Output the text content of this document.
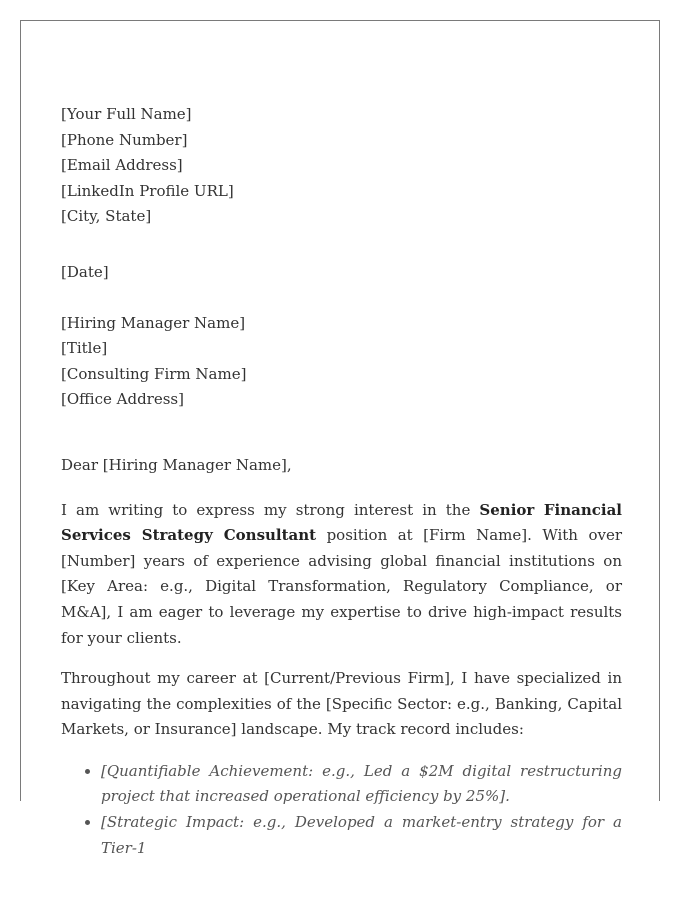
[Your Full Name]
[Phone Number]
[Email Address]
[LinkedIn Profile URL]
[City, State]
[Date]
[Hiring Manager Name]
[Title]
[Consulting Firm Name]
[Office Address]

Dear [Hiring Manager Name],

I am writing to express my strong interest in the Senior Financial Services Strategy Consultant position at [Firm Name]. With over [Number] years of experience advising global financial institutions on [Key Area: e.g., Digital Transformation, Regulatory Compliance, or M&A], I am eager to leverage my expertise to drive high-impact results for your clients.

Throughout my career at [Current/Previous Firm], I have specialized in navigating the complexities of the [Specific Sector: e.g., Banking, Capital Markets, or Insurance] landscape. My track record includes:

• [Quantifiable Achievement: e.g., Led a $2M digital restructuring project that increased operational efficiency by 25%].
• [Strategic Impact: e.g., Developed a market-entry strategy for a Tier-1
